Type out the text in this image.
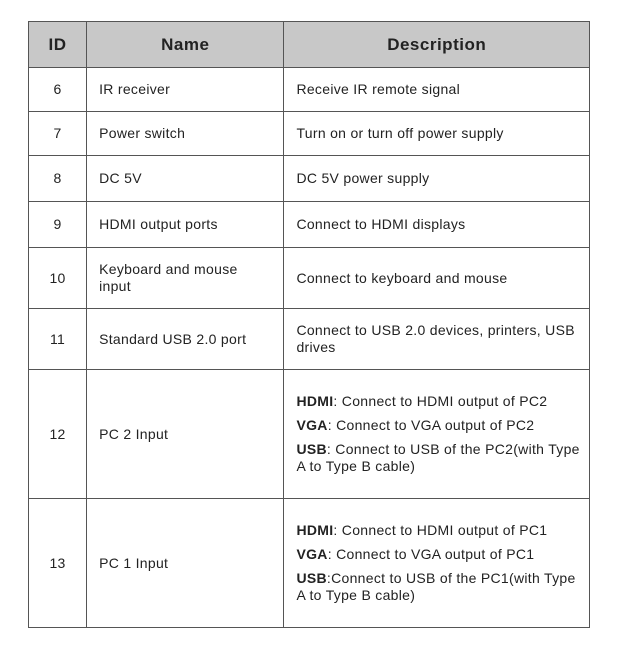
ID	Name	Description
6	IR receiver	Receive IR remote signal
7	Power switch	Turn on or turn off power supply
8	DC 5V	DC 5V power supply
9	HDMI output ports	Connect to HDMI displays
10	Keyboard and mouse input	Connect to keyboard and mouse
11	Standard USB 2.0 port	Connect to USB 2.0 devices, printers, USB drives
12	PC 2 Input	HDMI: Connect to HDMI output of PC2
VGA: Connect to VGA output of PC2
USB: Connect to USB of the PC2(with Type A to Type B cable)

13	PC 1 Input	HDMI: Connect to HDMI output of PC1
VGA: Connect to VGA output of PC1
USB:Connect to USB of the PC1(with Type A to Type B cable)
